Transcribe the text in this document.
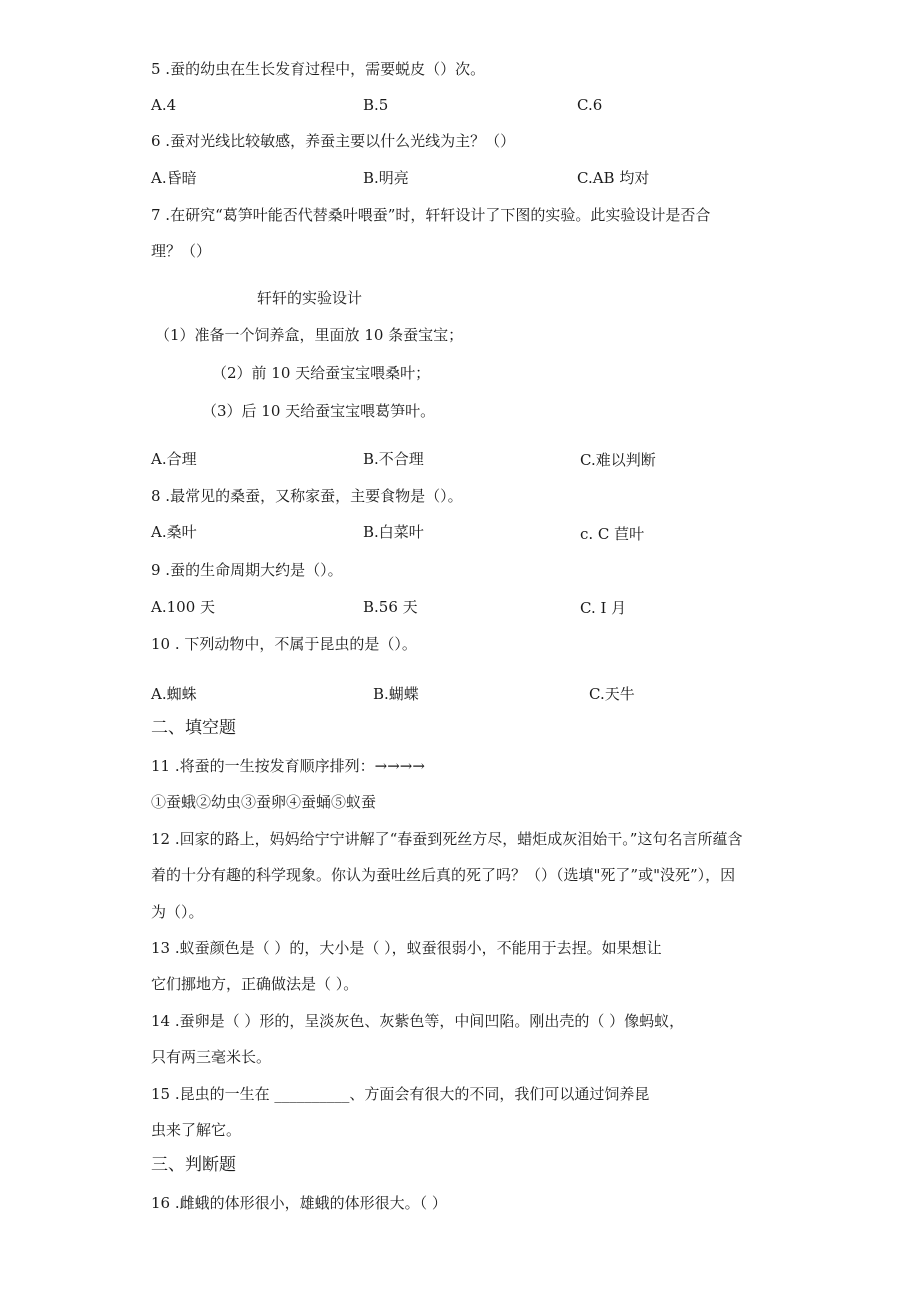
5 .蚕的幼虫在生长发育过程中，需要蜕皮（）次。
A.4	B.5	C.6
6 .蚕对光线比较敏感，养蚕主要以什么光线为主？（）
A.昏暗	B.明亮	C.AB 均对
7 .在研究“葛笋叶能否代替桑叶喂蚕”时，轩轩设计了下图的实验。此实验设计是否合
理？（）
轩轩的实验设计
（1）准备一个饲养盒，里面放 10 条蚕宝宝；
（2）前 10 天给蚕宝宝喂桑叶；
（3）后 10 天给蚕宝宝喂葛笋叶。
A.合理	B.不合理	C.难以判断
8 .最常见的桑蚕，又称家蚕，主要食物是（）。
A.桑叶	B.白菜叶	c. C 苣叶
9 .蚕的生命周期大约是（）。
A.100 天	B.56 天	C. I 月
10 . 下列动物中，不属于昆虫的是（）。
A.蜘蛛	B.蝴蝶	C.天牛
二、填空题
11 .将蚕的一生按发育顺序排列：→→→→
①蚕蛾②幼虫③蚕卵④蚕蛹⑤蚁蚕
12 .回家的路上，妈妈给宁宁讲解了“春蚕到死丝方尽，蜡炬成灰泪始干。”这句名言所蕴含
着的十分有趣的科学现象。你认为蚕吐丝后真的死了吗？（）（选填"死了”或"没死”），因
为（）。
13 .蚁蚕颜色是（ ）的，大小是（ ），蚁蚕很弱小，不能用于去捏。如果想让
它们挪地方，正确做法是（ ）。
14 .蚕卵是（ ）形的，呈淡灰色、灰紫色等，中间凹陷。刚出壳的（ ）像蚂蚁，
只有两三毫米长。
15 .昆虫的一生在 __________、方面会有很大的不同，我们可以通过饲养昆
虫来了解它。
三、判断题
16 .雌蛾的体形很小，雄蛾的体形很大。（ ）
